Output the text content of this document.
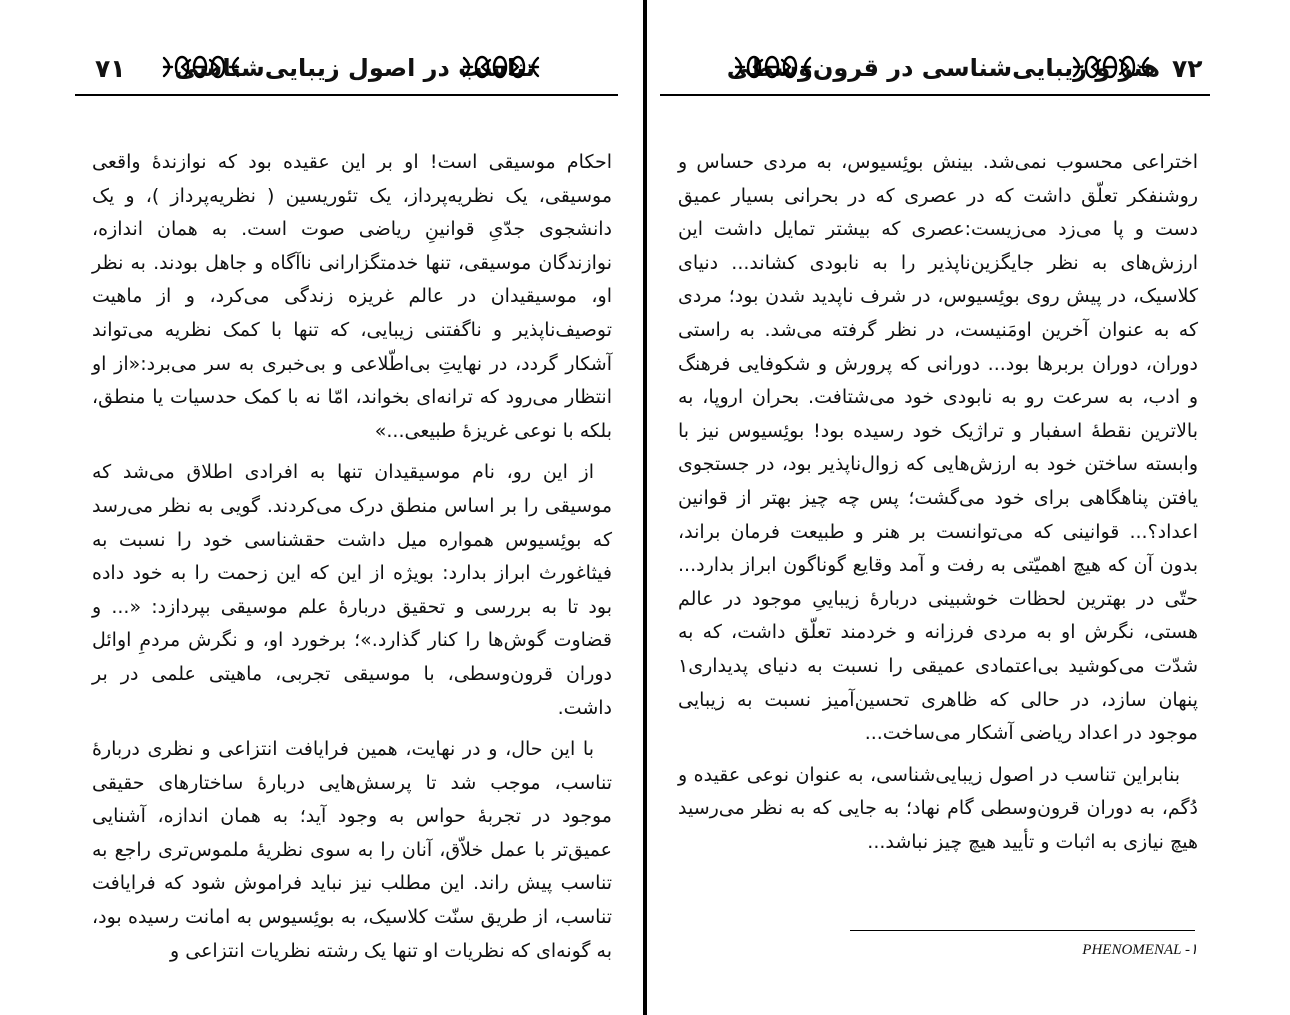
۷۱ تناسب در اصول زیبایی‌شناسی

احکام موسیقی است! او بر این عقیده بود که نوازندهٔ واقعی موسیقی، یک نظریه‌پرداز، یک تئوریسین ( نظریه‌پرداز )، و یک دانشجوی جدّیِ قوانینِ ریاضی صوت است. به همان اندازه، نوازندگان موسیقی، تنها خدمتگزارانی ناآگاه و جاهل بودند. به نظر او، موسیقیدان در عالم غریزه زندگی می‌کرد، و از ماهیت توصیف‌ناپذیر و ناگفتنی زیبایی، که تنها با کمک نظریه می‌تواند آشکار گردد، در نهایتِ بی‌اطّلاعی و بی‌خبری به سر می‌برد:«از او انتظار می‌رود که ترانه‌ای بخواند، امّا نه با کمک حدسیات یا منطق، بلکه با نوعی غریزهٔ طبیعی...»

از این رو، نام موسیقیدان تنها به افرادی اطلاق می‌شد که موسیقی را بر اساس منطق درک می‌کردند. گویی به نظر می‌رسد که بوئِسیوس همواره میل داشت حقشناسی خود را نسبت به فیثاغورث ابراز بدارد: بویژه از این که این زحمت را به خود داده بود تا به بررسی و تحقیق دربارهٔ علم موسیقی بپردازد: «... و قضاوت گوش‌ها را کنار گذارد.»؛ برخورد او، و نگرش مردمِ اوائل دوران قرون‌وسطی، با موسیقی تجربی، ماهیتی علمی در بر داشت.

با این حال، و در نهایت، همین فرایافت انتزاعی و نظری دربارهٔ تناسب، موجب شد تا پرسش‌هایی دربارهٔ ساختارهای حقیقی موجود در تجربهٔ حواس به وجود آید؛ به همان اندازه، آشنایی عمیق‌تر با عمل خلاّق، آنان را به سوی نظریهٔ ملموس‌تری راجع به تناسب پیش راند. این مطلب نیز نباید فراموش شود که فرایافت تناسب، از طریق سنّت کلاسیک، به بوئِسیوس به امانت رسیده بود، به گونه‌ای که نظریات او تنها یک رشته نظریات انتزاعی و

۷۲
هنر و زیبایی‌شناسی در قرون‌وسطی

اختراعی محسوب نمی‌شد. بینش بوئِسیوس، به مردی حساس و روشنفکر تعلّق داشت که در عصری که در بحرانی بسیار عمیق دست و پا می‌زد می‌زیست:عصری که بیشتر تمایل داشت این ارزش‌های به نظر جایگزین‌ناپذیر را به نابودی کشاند... دنیای کلاسیک، در پیش روی بوئِسیوس، در شرف ناپدید شدن بود؛ مردی که به عنوان آخرین اومَنیست، در نظر گرفته می‌شد. به راستی دوران، دوران بربرها بود... دورانی که پرورش و شکوفایی فرهنگ و ادب، به سرعت رو به نابودی خود می‌شتافت. بحران اروپا، به بالاترین نقطهٔ اسفبار و تراژیک خود رسیده بود! بوئِسیوس نیز با وابسته ساختن خود به ارزش‌هایی که زوال‌ناپذیر بود، در جستجوی یافتن پناهگاهی برای خود می‌گشت؛ پس چه چیز بهتر از قوانین اعداد؟... قوانینی که می‌توانست بر هنر و طبیعت فرمان براند، بدون آن که هیچ اهمیّتی به رفت و آمد وقایع گوناگون ابراز بدارد... حتّی در بهترین لحظات خوشبینی دربارهٔ زیباییِ موجود در عالم هستی، نگرش او به مردی فرزانه و خردمند تعلّق داشت، که به شدّت می‌کوشید بی‌اعتمادی عمیقی را نسبت به دنیای پدیداری۱ پنهان سازد، در حالی که ظاهری تحسین‌آمیز نسبت به زیبایی موجود در اعداد ریاضی آشکار می‌ساخت...

بنابراین تناسب در اصول زیبایی‌شناسی، به عنوان نوعی عقیده و دُگم، به دوران قرون‌وسطی گام نهاد؛ به جایی که به نظر می‌رسید هیچ نیازی به اثبات و تأیید هیچ چیز نباشد...

PHENOMENAL -۱
